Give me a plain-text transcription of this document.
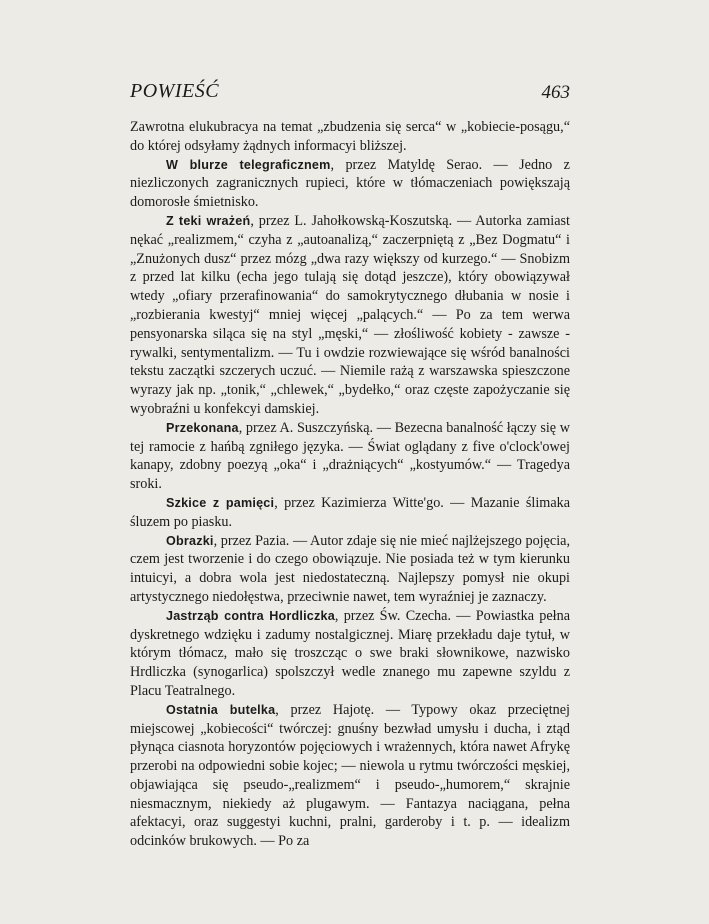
POWIEŚĆ	463

Zawrotna elukubracya na temat „zbudzenia się serca“ w „kobiecie-posągu,“ do której odsyłamy żądnych informacyi bliższej.

W blurze telegraficznem, przez Matyldę Serao. — Jedno z niezliczonych zagranicznych rupieci, które w tłómaczeniach powiększają domorosłe śmietnisko.

Z teki wrażeń, przez L. Jahołkowską-Koszutską. — Autorka zamiast nękać „realizmem,“ czyha z „autoanalizą,“ zaczerpniętą z „Bez Dogmatu“ i „Znużonych dusz“ przez mózg „dwa razy większy od kurzego.“ — Snobizm z przed lat kilku (echa jego tulają się dotąd jeszcze), który obowiązywał wtedy „ofiary przerafinowania“ do samokrytycznego dłubania w nosie i „rozbierania kwestyj“ mniej więcej „palących.“ — Po za tem werwa pensyonarska siląca się na styl „męski,“ — złośliwość kobiety - zawsze - rywalki, sentymentalizm. — Tu i owdzie rozwiewające się wśród banalności tekstu zaczątki szczerych uczuć. — Niemile rażą z warszawska spieszczone wyrazy jak np. „tonik,“ „chlewek,“ „bydełko,“ oraz częste zapożyczanie się wyobraźni u konfekcyi damskiej.

Przekonana, przez A. Suszczyńską. — Bezecna banalność łączy się w tej ramocie z hańbą zgniłego języka. — Świat oglądany z five o'clock'owej kanapy, zdobny poezyą „oka“ i „drażniących“ „kostyumów.“ — Tragedya sroki.

Szkice z pamięci, przez Kazimierza Witte'go. — Mazanie ślimaka śluzem po piasku.

Obrazki, przez Pazia. — Autor zdaje się nie mieć najlżejszego pojęcia, czem jest tworzenie i do czego obowiązuje. Nie posiada też w tym kierunku intuicyi, a dobra wola jest niedostateczną. Najlepszy pomysł nie okupi artystycznego niedołęstwa, przeciwnie nawet, tem wyraźniej je zaznaczy.

Jastrząb contra Hordliczka, przez Św. Czecha. — Powiastka pełna dyskretnego wdzięku i zadumy nostalgicznej. Miarę przekładu daje tytuł, w którym tłómacz, mało się troszcząc o swe braki słownikowe, nazwisko Hrdliczka (synogarlica) spolszczył wedle znanego mu zapewne szyldu z Placu Teatralnego.

Ostatnia butelka, przez Hajotę. — Typowy okaz przeciętnej miejscowej „kobiecości“ twórczej: gnuśny bezwład umysłu i ducha, i ztąd płynąca ciasnota horyzontów pojęciowych i wrażennych, która nawet Afrykę przerobi na odpowiedni sobie kojec; — niewola u rytmu twórczości męskiej, objawiająca się pseudo-„realizmem“ i pseudo-„humorem,“ skrajnie niesmacznym, niekiedy aż plugawym. — Fantazya naciągana, pełna afektacyi, oraz suggestyi kuchni, pralni, garderoby i t. p. — idealizm odcinków brukowych. — Po za
